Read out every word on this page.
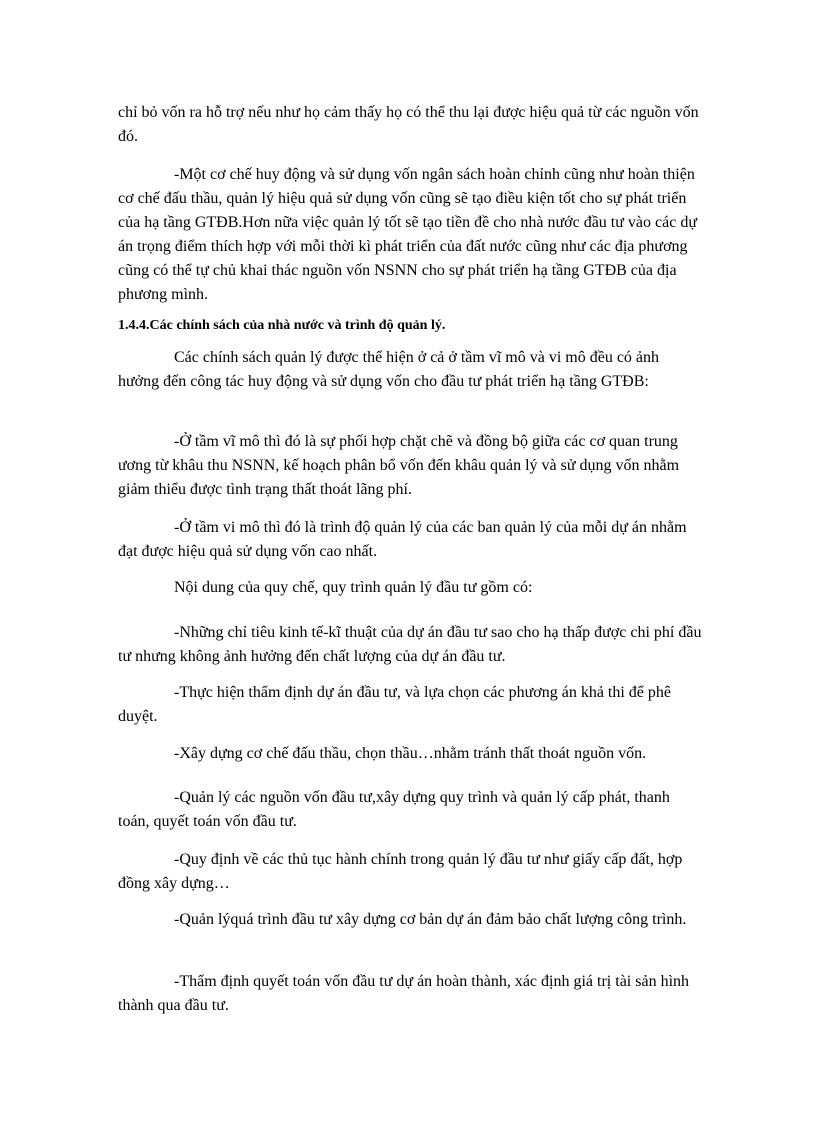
chỉ bỏ vốn ra hỗ trợ nếu như họ cảm thấy họ có thể thu lại được hiệu quả từ các nguồn vốn đó.

-Một cơ chế huy động và sử dụng vốn ngân sách hoàn chỉnh cũng như hoàn thiện cơ chế đấu thầu, quản lý hiệu quả sử dụng vốn cũng sẽ tạo điều kiện tốt cho sự phát triển của hạ tầng GTĐB.Hơn nữa việc quản lý tốt sẽ tạo tiền đề cho nhà nước đầu tư vào các dự án trọng điểm thích hợp với mỗi thời kì phát triển của đất nước cũng như các địa phương cũng có thể tự chủ khai thác nguồn vốn NSNN cho sự phát triển hạ tầng GTĐB của địa phương mình.

1.4.4.Các chính sách của nhà nước và trình độ quản lý.

Các chính sách quản lý được thể hiện ở cả ở tầm vĩ mô và vi mô đều có ảnh hưởng đến công tác huy động và sử dụng vốn cho đầu tư phát triển hạ tầng GTĐB:

-Ở tầm vĩ mô thì đó là sự phối hợp chặt chẽ và đồng bộ giữa các cơ quan trung ương từ khâu thu NSNN, kế hoạch phân bổ vốn đến khâu quản lý và sử dụng vốn nhằm giảm thiểu được tình trạng thất thoát lãng phí.

-Ở tầm vi mô thì đó là trình độ quản lý của các ban quản lý của mỗi dự án nhằm đạt được hiệu quả sử dụng vốn cao nhất.

Nội dung của quy chế, quy trình quản lý đầu tư gồm có:

-Những chỉ tiêu kinh tế-kĩ thuật của dự án đầu tư sao cho hạ thấp được chi phí đầu tư nhưng không ảnh hưởng đến chất lượng của dự án đầu tư.

-Thực hiện thẩm định dự án đầu tư, và lựa chọn các phương án khả thi để phê duyệt.

-Xây dựng cơ chế đấu thầu, chọn thầu…nhằm tránh thất thoát nguồn vốn.

-Quản lý các nguồn vốn đầu tư,xây dựng quy trình và quản lý cấp phát, thanh toán, quyết toán vốn đầu tư.

-Quy định về các thủ tục hành chính trong quản lý đầu tư như giấy cấp đất, hợp đồng xây dựng…

-Quản lýquá trình đầu tư xây dựng cơ bản dự án đảm bảo chất lượng công trình.

-Thẩm định quyết toán vốn đầu tư dự án hoàn thành, xác định giá trị tài sản hình thành qua đầu tư.
